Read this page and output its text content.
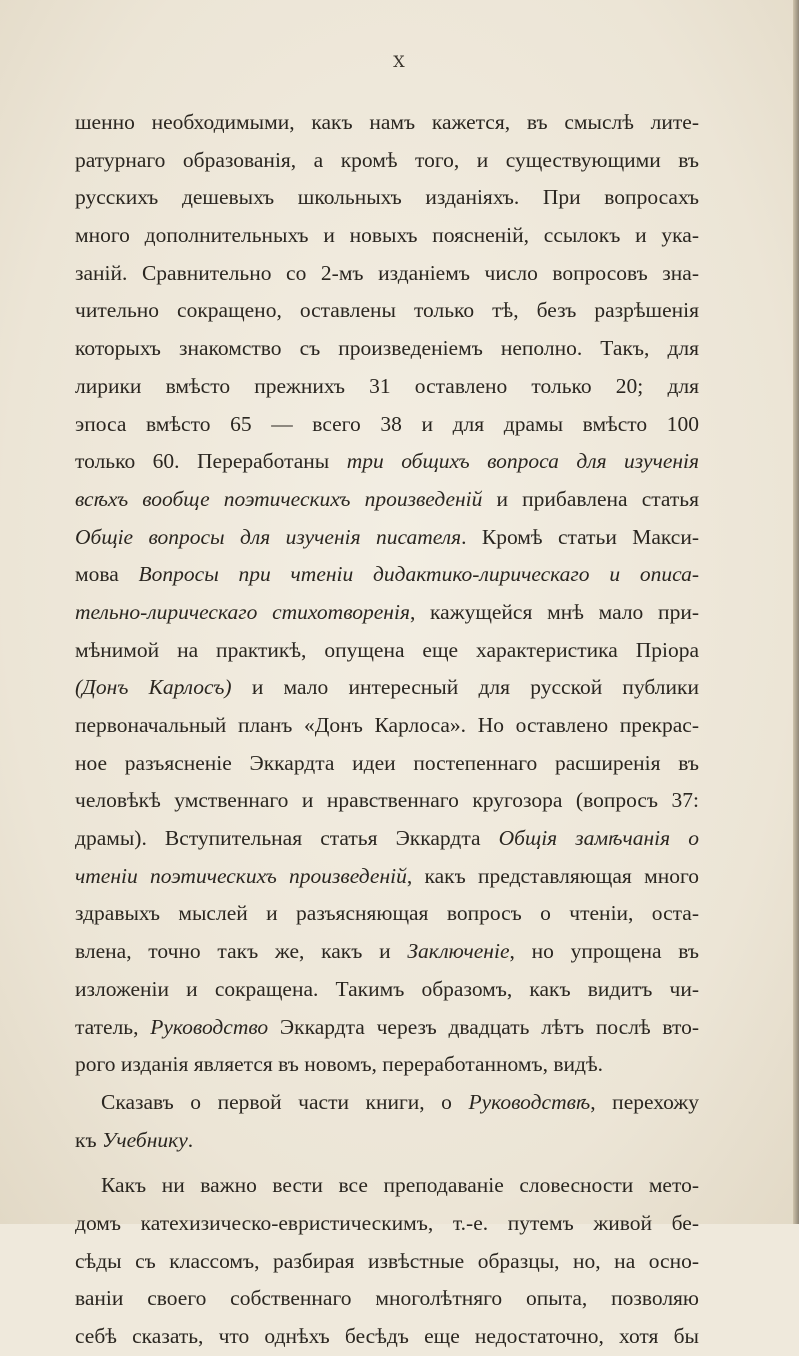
X
шенно необходимыми, какъ намъ кажется, въ смыслѣ лите-
ратурнаго образованія, а кромѣ того, и существующими въ
русскихъ дешевыхъ школьныхъ изданіяхъ. При вопросахъ
много дополнительныхъ и новыхъ поясненій, ссылокъ и ука-
заній. Сравнительно со 2-мъ изданіемъ число вопросовъ зна-
чительно сокращено, оставлены только тѣ, безъ разрѣшенія
которыхъ знакомство съ произведеніемъ неполно. Такъ, для
лирики вмѣсто прежнихъ 31 оставлено только 20; для
эпоса вмѣсто 65 — всего 38 и для драмы вмѣсто 100
только 60. Переработаны три общихъ вопроса для изученія
всѣхъ вообще поэтическихъ произведеній и прибавлена статья
Общіе вопросы для изученія писателя. Кромѣ статьи Макси-
мова Вопросы при чтеніи дидактико-лирическаго и описа-
тельно-лирическаго стихотворенія, кажущейся мнѣ мало при-
мѣнимой на практикѣ, опущена еще характеристика Пріора
(Донъ Карлосъ) и мало интересный для русской публики
первоначальный планъ «Донъ Карлоса». Но оставлено прекрас-
ное разъясненіе Эккардта идеи постепеннаго расширенія въ
человѣкѣ умственнаго и нравственнаго кругозора (вопросъ 37:
драмы). Вступительная статья Эккардта Общія замѣчанія о
чтеніи поэтическихъ произведеній, какъ представляющая много
здравыхъ мыслей и разъясняющая вопросъ о чтеніи, оста-
влена, точно такъ же, какъ и Заключеніе, но упрощена въ
изложеніи и сокращена. Такимъ образомъ, какъ видитъ чи-
татель, Руководство Эккардта черезъ двадцать лѣтъ послѣ вто-
рого изданія является въ новомъ, переработанномъ, видѣ.
Сказавъ о первой части книги, о Руководствѣ, перехожу
къ Учебнику.
Какъ ни важно вести все преподаваніе словесности мето-
домъ катехизическо-евристическимъ, т.-е. путемъ живой бе-
сѣды съ классомъ, разбирая извѣстные образцы, но, на осно-
ваніи своего собственнаго многолѣтняго опыта, позволяю
себѣ сказать, что однѣхъ бесѣдъ еще недостаточно, хотя бы
